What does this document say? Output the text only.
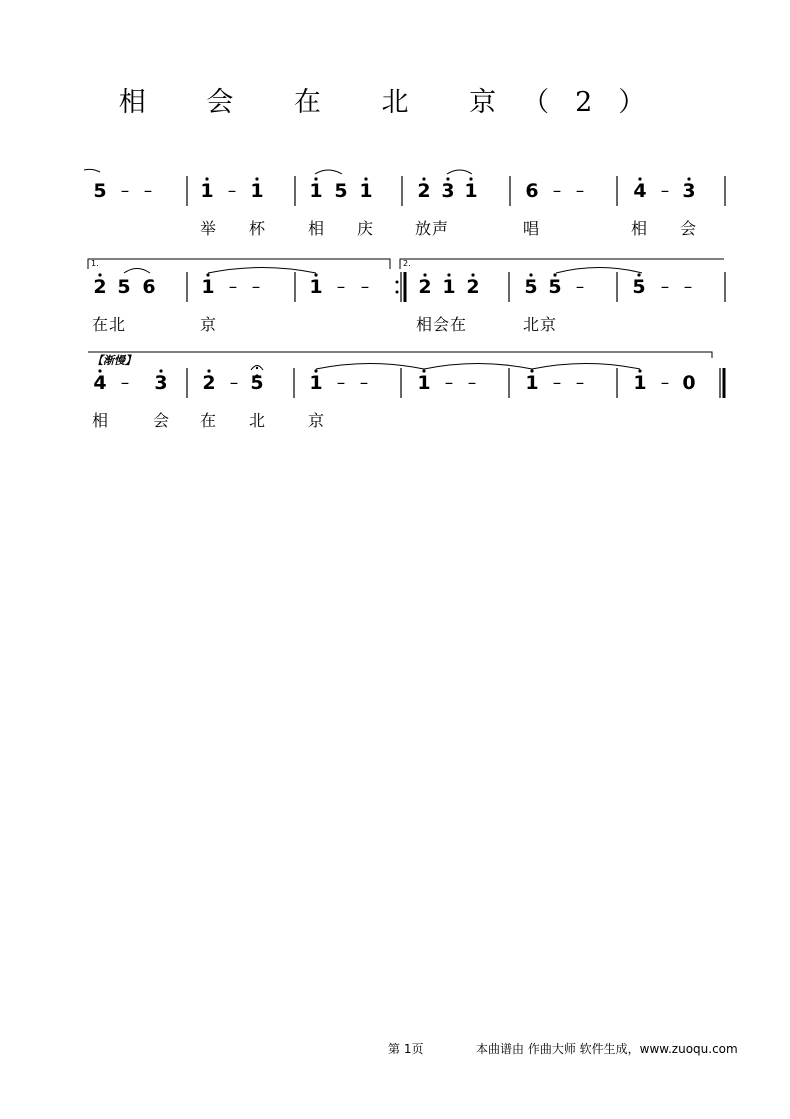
相 会 在 北 京（2）
5 – –	1 – 1 1 5 1 2 3 1	6 – –	4 – 3
举 杯	相 庆	放声	唱	相 会
1.	2.
2 5 6 1 – –	1 – –	2 1 2 5 5 –	5 – –
在北	京	相会在	北京
【渐慢】
4 – 3 2 – 5 1 – –	1 – –	1 – –	1 – 0
相	会 在 北	京
第 1页	本曲谱由 作曲大师 软件生成，www.zuoqu.com
